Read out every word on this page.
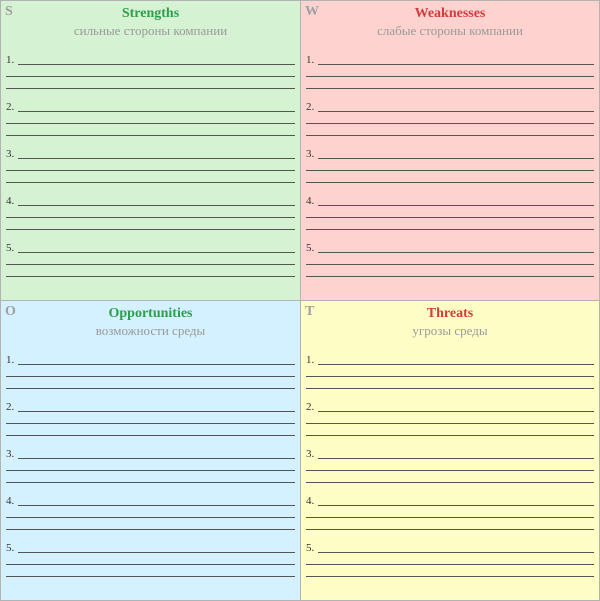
S	Strengths
сильные стороны компании
1.
2.
3.
4.
5.
W	Weaknesses
слабые стороны компании
1.
2.
3.
4.
5.
O	Opportunities
возможности среды
1.
2.
3.
4.
5.
T	Threats
угрозы среды
1.
2.
3.
4.
5.
